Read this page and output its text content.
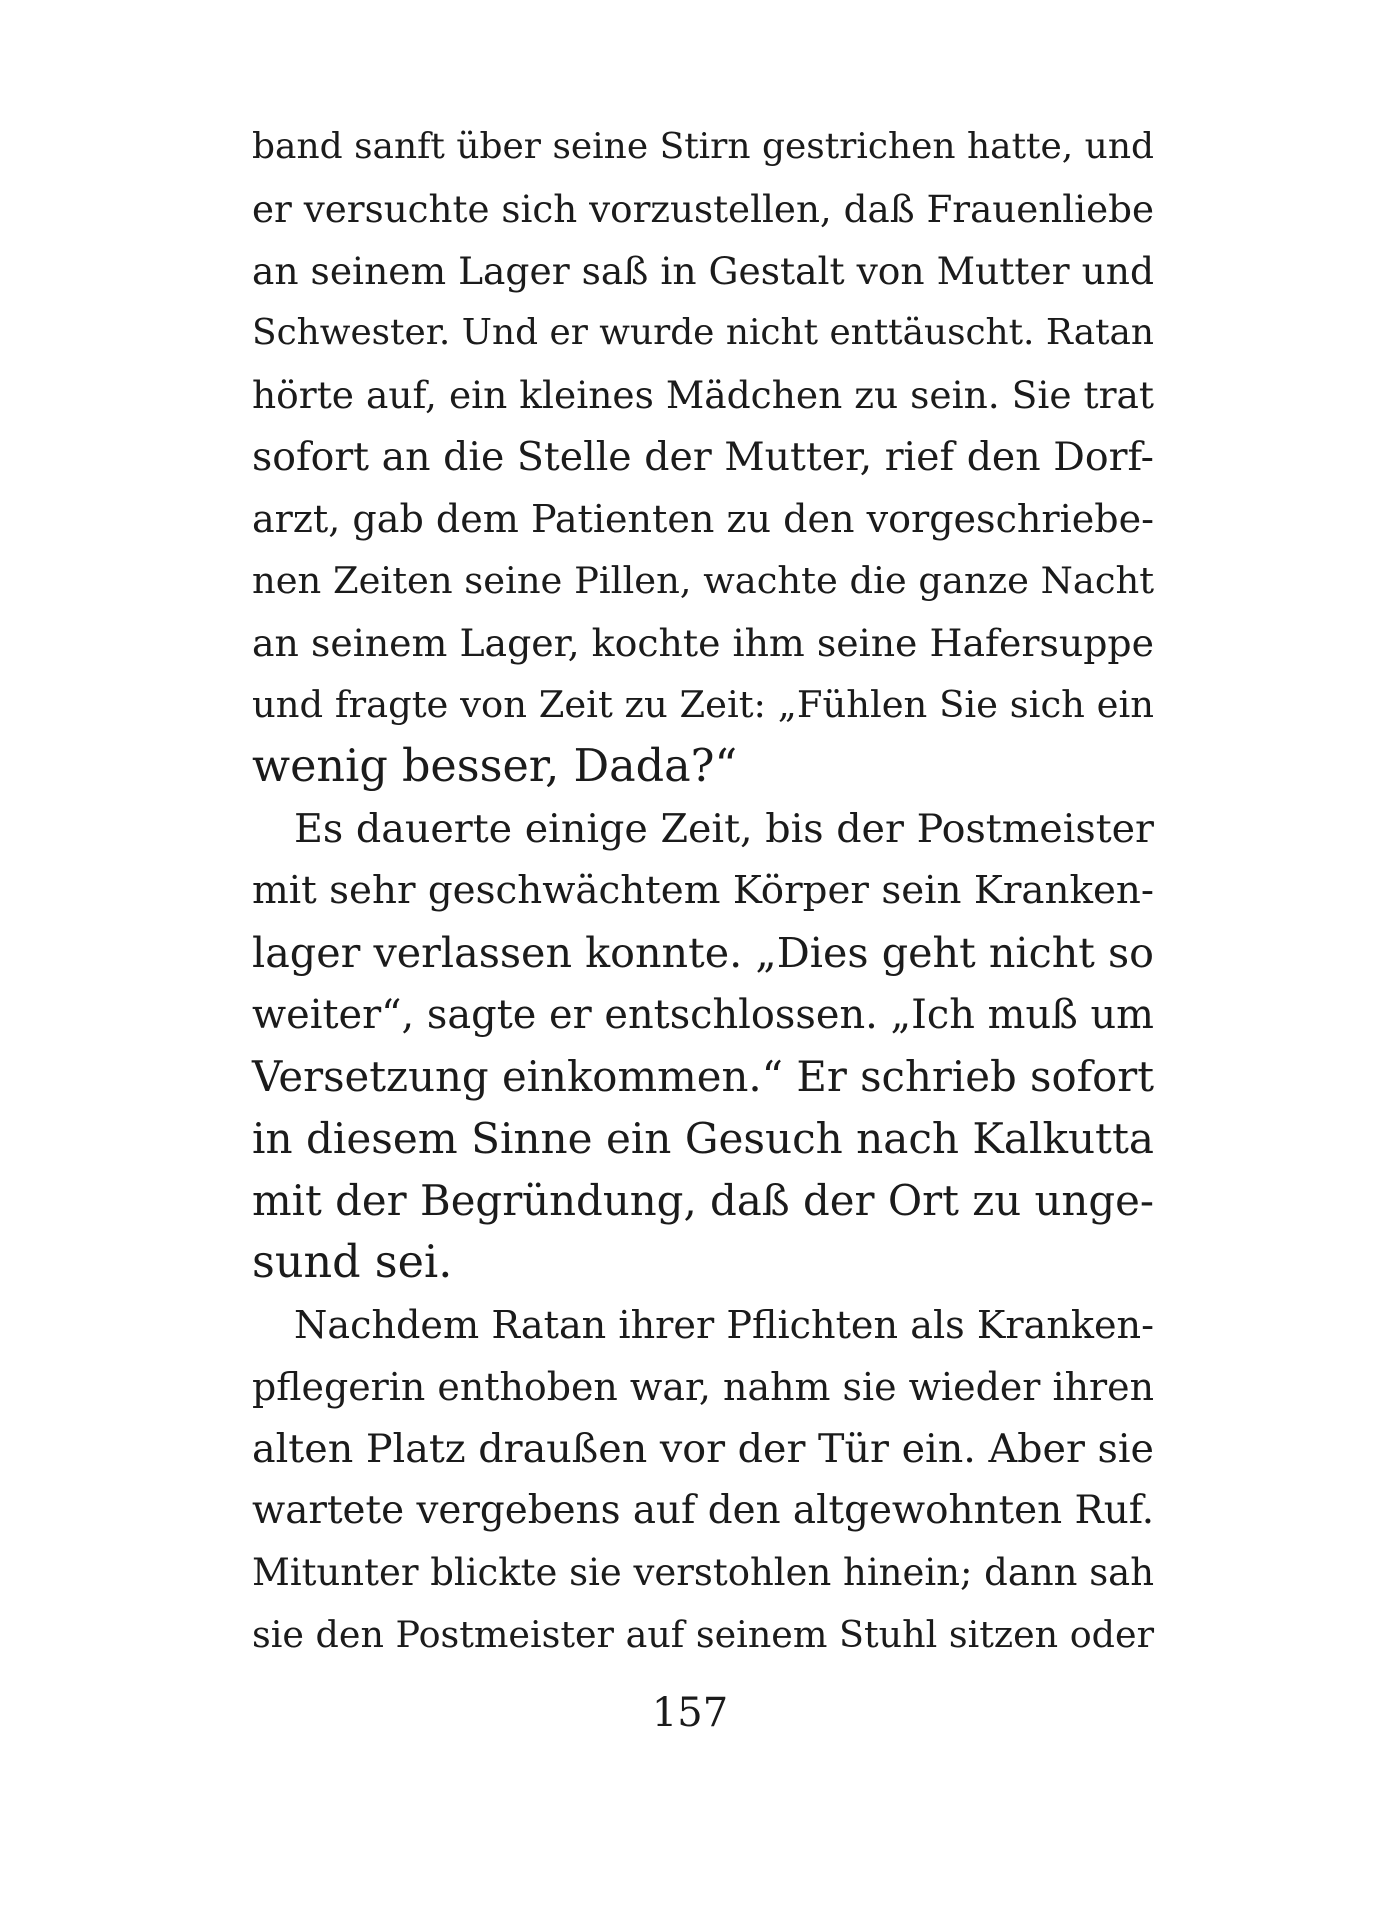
band sanft über seine Stirn gestrichen hatte, und
er versuchte sich vorzustellen, daß Frauenliebe
an seinem Lager saß in Gestalt von Mutter und
Schwester. Und er wurde nicht enttäuscht. Ratan
hörte auf, ein kleines Mädchen zu sein. Sie trat
sofort an die Stelle der Mutter, rief den Dorf-
arzt, gab dem Patienten zu den vorgeschriebe-
nen Zeiten seine Pillen, wachte die ganze Nacht
an seinem Lager, kochte ihm seine Hafersuppe
und fragte von Zeit zu Zeit: „Fühlen Sie sich ein
wenig besser, Dada?“
Es dauerte einige Zeit, bis der Postmeister
mit sehr geschwächtem Körper sein Kranken-
lager verlassen konnte. „Dies geht nicht so
weiter“, sagte er entschlossen. „Ich muß um
Versetzung einkommen.“ Er schrieb sofort
in diesem Sinne ein Gesuch nach Kalkutta
mit der Begründung, daß der Ort zu unge-
sund sei.
Nachdem Ratan ihrer Pflichten als Kranken-
pflegerin enthoben war, nahm sie wieder ihren
alten Platz draußen vor der Tür ein. Aber sie
wartete vergebens auf den altgewohnten Ruf.
Mitunter blickte sie verstohlen hinein; dann sah
sie den Postmeister auf seinem Stuhl sitzen oder
157
